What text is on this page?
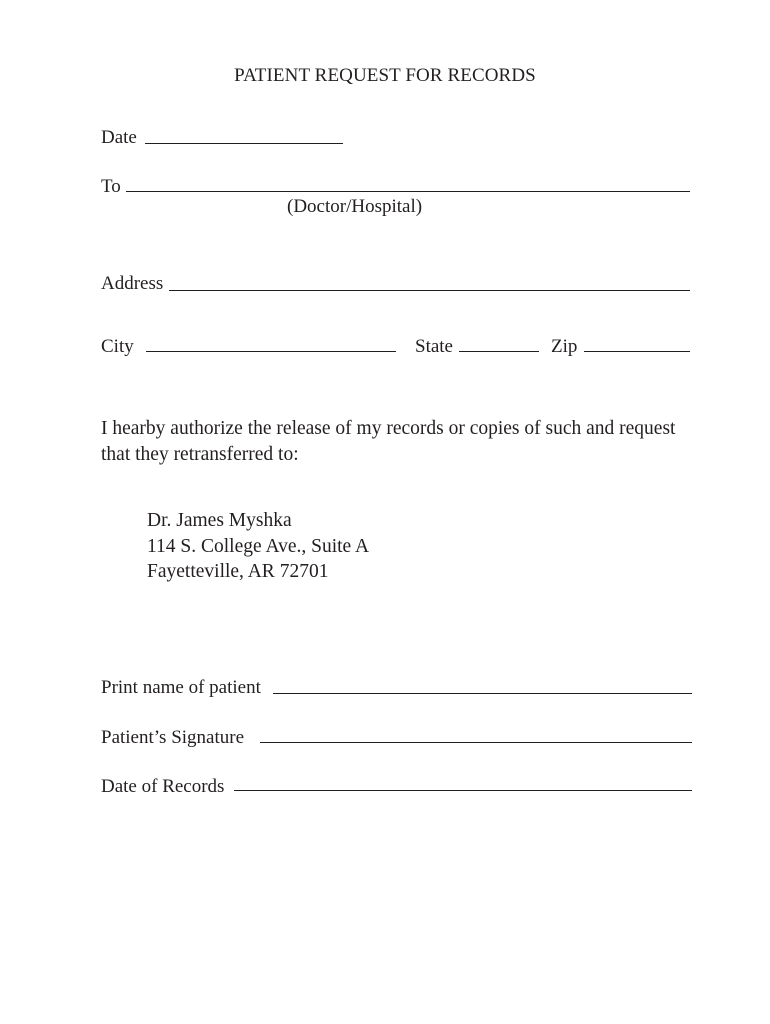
PATIENT REQUEST FOR RECORDS
Date
To
(Doctor/Hospital)
Address
City	State	Zip
I hearby authorize the release of my records or copies of such and request
that they retransferred to:
Dr. James Myshka
114 S. College Ave., Suite A
Fayetteville, AR 72701
Print name of patient
Patient’s Signature
Date of Records
